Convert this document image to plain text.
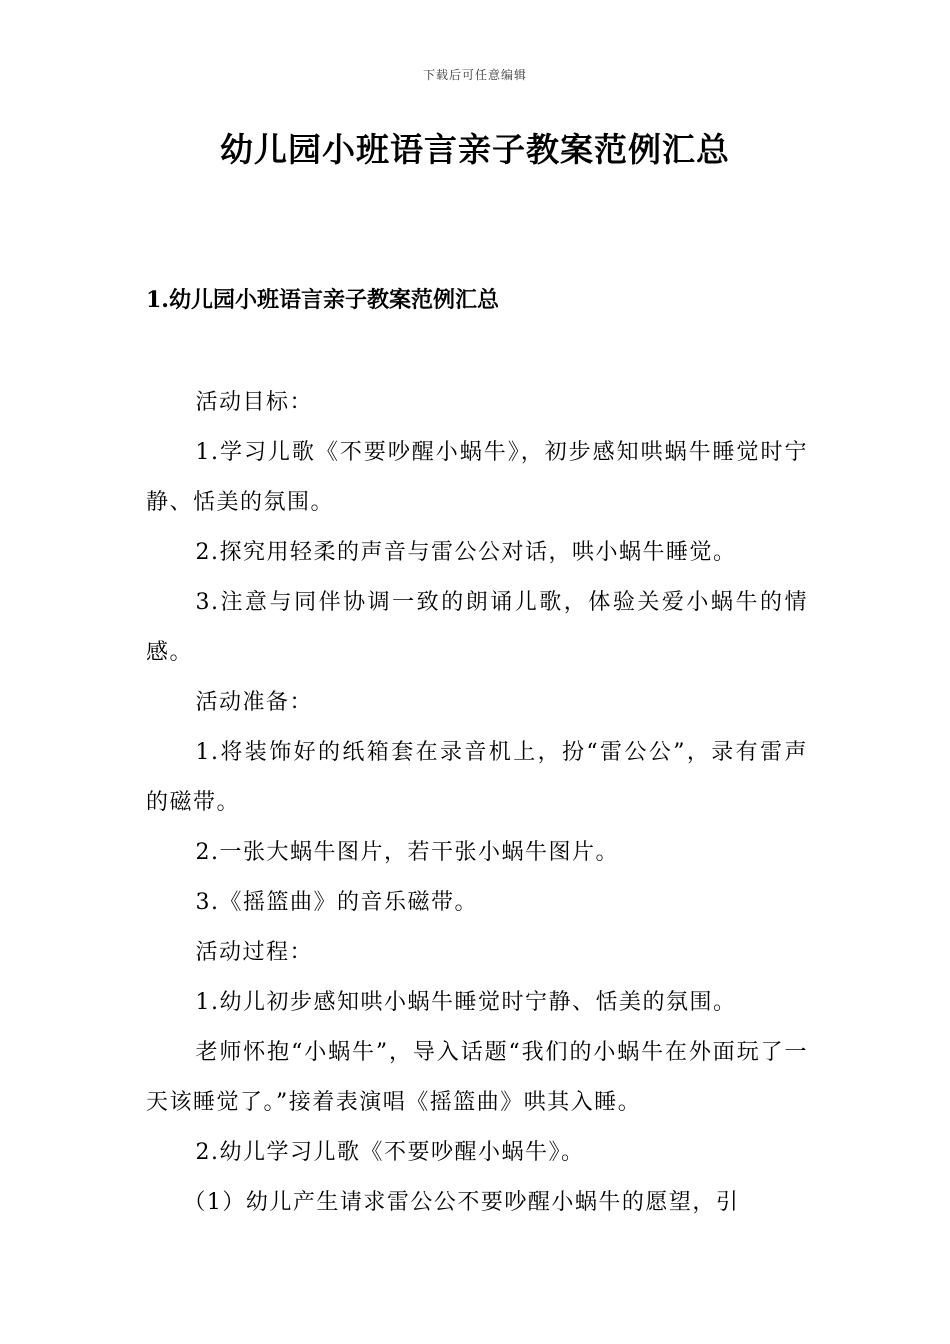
下载后可任意编辑
幼儿园小班语言亲子教案范例汇总
1.幼儿园小班语言亲子教案范例汇总

活动目标：

1.学习儿歌《不要吵醒小蜗牛》，初步感知哄蜗牛睡觉时宁静、恬美的氛围。

2.探究用轻柔的声音与雷公公对话，哄小蜗牛睡觉。

3.注意与同伴协调一致的朗诵儿歌，体验关爱小蜗牛的情感。

活动准备：

1.将装饰好的纸箱套在录音机上，扮“雷公公”，录有雷声的磁带。

2.一张大蜗牛图片，若干张小蜗牛图片。

3.《摇篮曲》的音乐磁带。

活动过程：

1.幼儿初步感知哄小蜗牛睡觉时宁静、恬美的氛围。

老师怀抱“小蜗牛”，导入话题“我们的小蜗牛在外面玩了一天该睡觉了。”接着表演唱《摇篮曲》哄其入睡。

2.幼儿学习儿歌《不要吵醒小蜗牛》。

（1）幼儿产生请求雷公公不要吵醒小蜗牛的愿望，引
